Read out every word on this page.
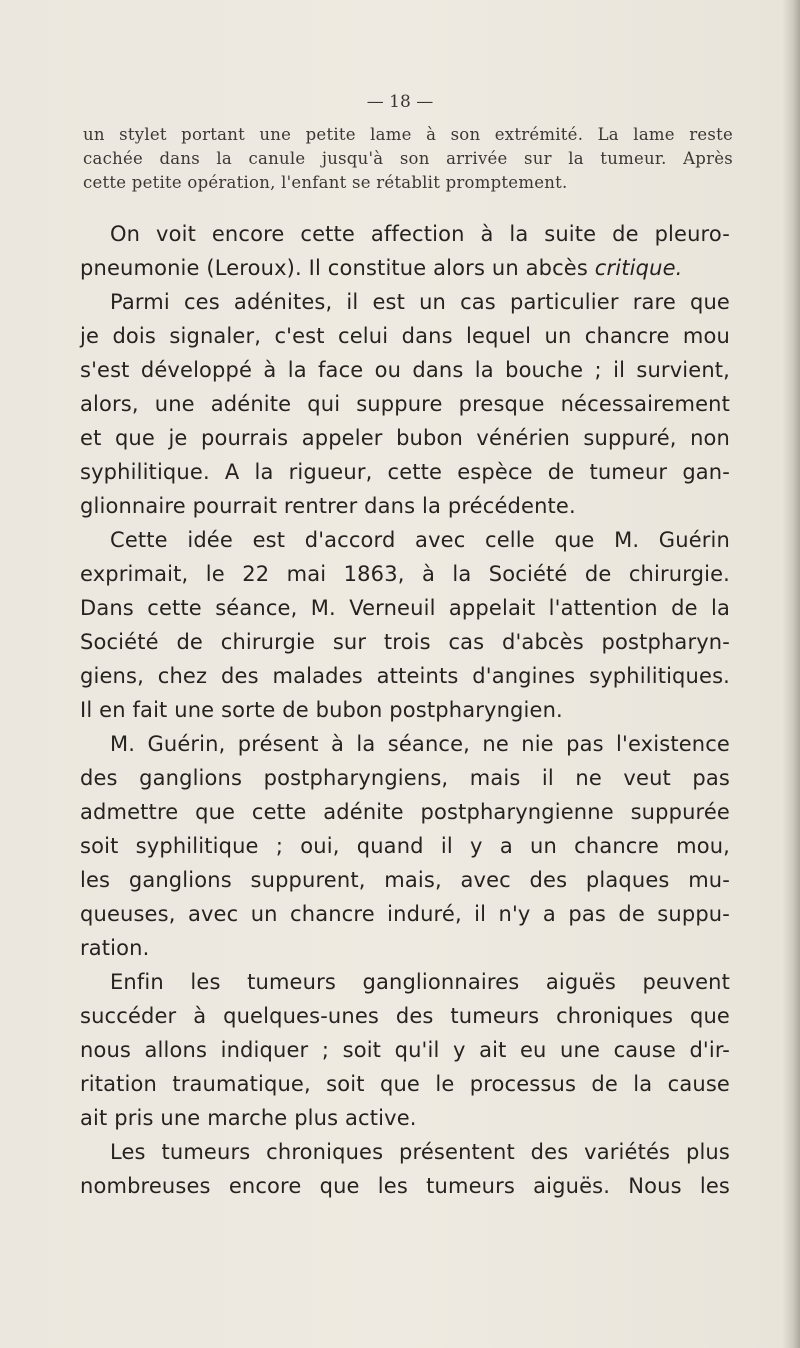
— 18 —

un stylet portant une petite lame à son extrémité. La lame reste
cachée dans la canule jusqu'à son arrivée sur la tumeur. Après
cette petite opération, l'enfant se rétablit promptement.
On voit encore cette affection à la suite de pleuro-
pneumonie (Leroux). Il constitue alors un abcès critique.
Parmi ces adénites, il est un cas particulier rare que
je dois signaler, c'est celui dans lequel un chancre mou
s'est développé à la face ou dans la bouche ; il survient,
alors, une adénite qui suppure presque nécessairement
et que je pourrais appeler bubon vénérien suppuré, non
syphilitique. A la rigueur, cette espèce de tumeur gan-
glionnaire pourrait rentrer dans la précédente.
Cette idée est d'accord avec celle que M. Guérin
exprimait, le 22 mai 1863, à la Société de chirurgie.
Dans cette séance, M. Verneuil appelait l'attention de la
Société de chirurgie sur trois cas d'abcès postpharyn-
giens, chez des malades atteints d'angines syphilitiques.
Il en fait une sorte de bubon postpharyngien.
M. Guérin, présent à la séance, ne nie pas l'existence
des ganglions postpharyngiens, mais il ne veut pas
admettre que cette adénite postpharyngienne suppurée
soit syphilitique ; oui, quand il y a un chancre mou,
les ganglions suppurent, mais, avec des plaques mu-
queuses, avec un chancre induré, il n'y a pas de suppu-
ration.
Enfin les tumeurs ganglionnaires aiguës peuvent
succéder à quelques-unes des tumeurs chroniques que
nous allons indiquer ; soit qu'il y ait eu une cause d'ir-
ritation traumatique, soit que le processus de la cause
ait pris une marche plus active.
Les tumeurs chroniques présentent des variétés plus
nombreuses encore que les tumeurs aiguës. Nous les
